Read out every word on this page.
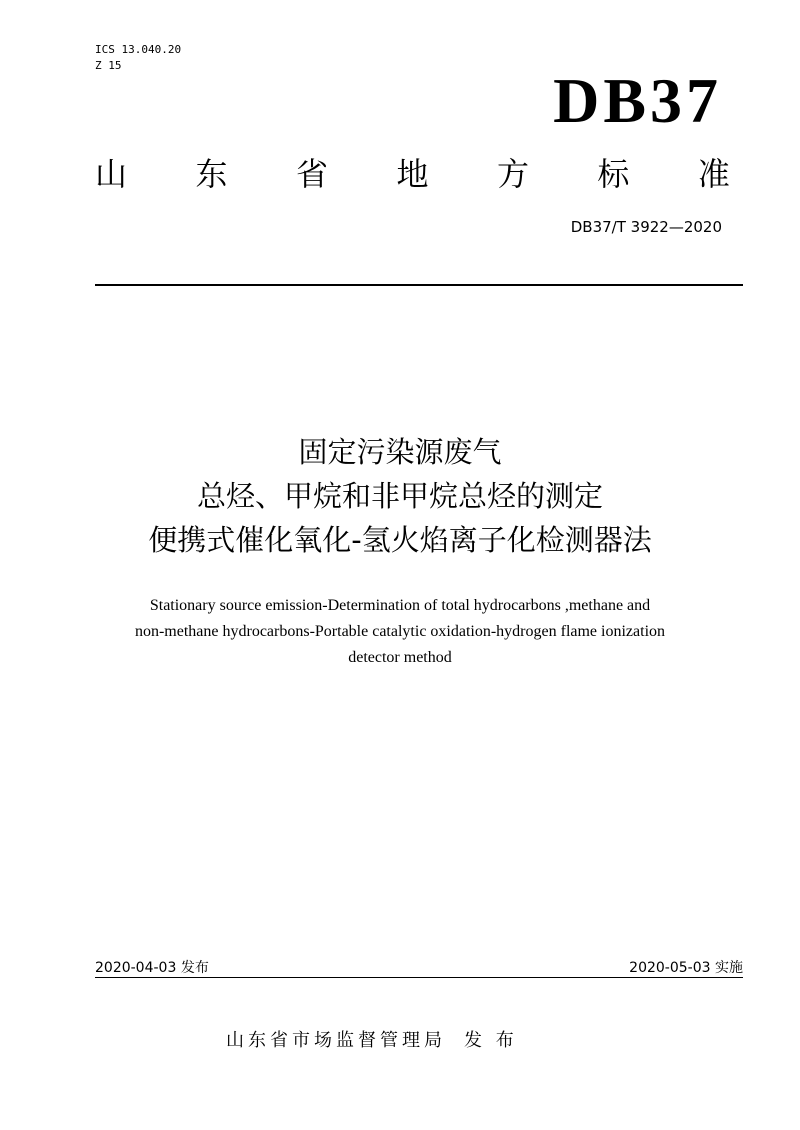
ICS 13.040.20
Z 15	DB37
山 东 省 地 方 标 准
DB37/T 3922—2020
固定污染源废气
总烃、甲烷和非甲烷总烃的测定
便携式催化氧化-氢火焰离子化检测器法
Stationary source emission-Determination of total hydrocarbons ,methane and
non-methane hydrocarbons-Portable catalytic oxidation-hydrogen flame ionization
detector method
2020-04-03 发布	2020-05-03 实施
山东省市场监督管理局 发 布
